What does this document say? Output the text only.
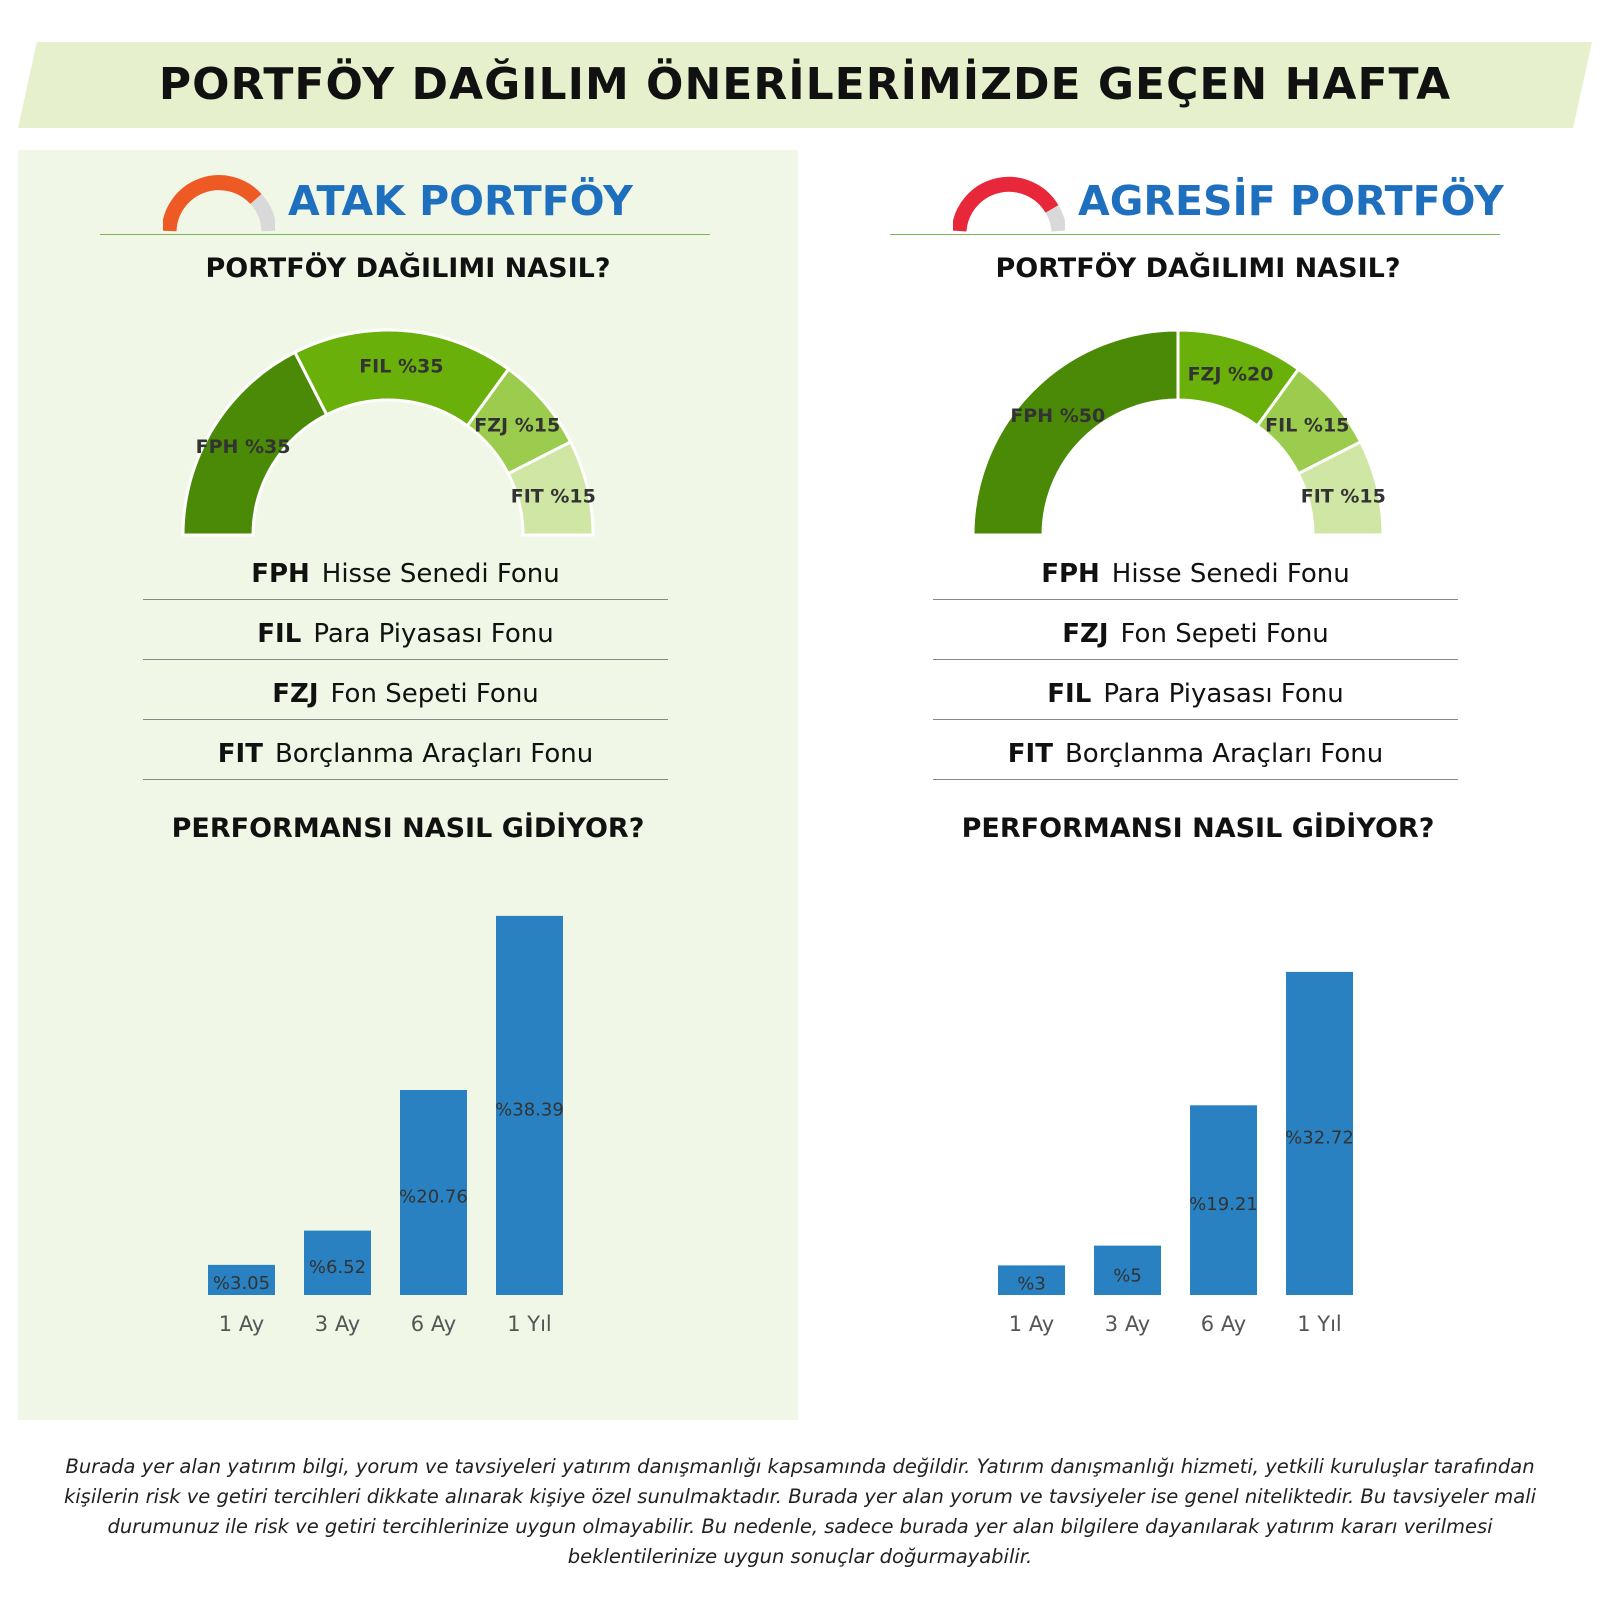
PORTFÖY DAĞILIM ÖNERİLERİMİZDE GEÇEN HAFTA
ATAK PORTFÖY
PORTFÖY DAĞILIMI NASIL?
FPH %35
FIL %35
FZJ %15
FIT %15
FPH Hisse Senedi Fonu
FIL Para Piyasası Fonu
FZJ Fon Sepeti Fonu
FIT Borçlanma Araçları Fonu
PERFORMANSI NASIL GİDİYOR?
%3.05
1 Ay
%6.52
3 Ay
%20.76
6 Ay
%38.39
1 Yıl
AGRESİF PORTFÖY
PORTFÖY DAĞILIMI NASIL?
FPH %50
FZJ %20
FIL %15
FIT %15
FPH Hisse Senedi Fonu
FZJ Fon Sepeti Fonu
FIL Para Piyasası Fonu
FIT Borçlanma Araçları Fonu
PERFORMANSI NASIL GİDİYOR?
%3
1 Ay
%5
3 Ay
%19.21
6 Ay
%32.72
1 Yıl
Burada yer alan yatırım bilgi, yorum ve tavsiyeleri yatırım danışmanlığı kapsamında değildir. Yatırım danışmanlığı hizmeti, yetkili kuruluşlar tarafından kişilerin risk ve getiri tercihleri dikkate alınarak kişiye özel sunulmaktadır. Burada yer alan yorum ve tavsiyeler ise genel niteliktedir. Bu tavsiyeler mali durumunuz ile risk ve getiri tercihlerinize uygun olmayabilir. Bu nedenle, sadece burada yer alan bilgilere dayanılarak yatırım kararı verilmesi beklentilerinize uygun sonuçlar doğurmayabilir.
